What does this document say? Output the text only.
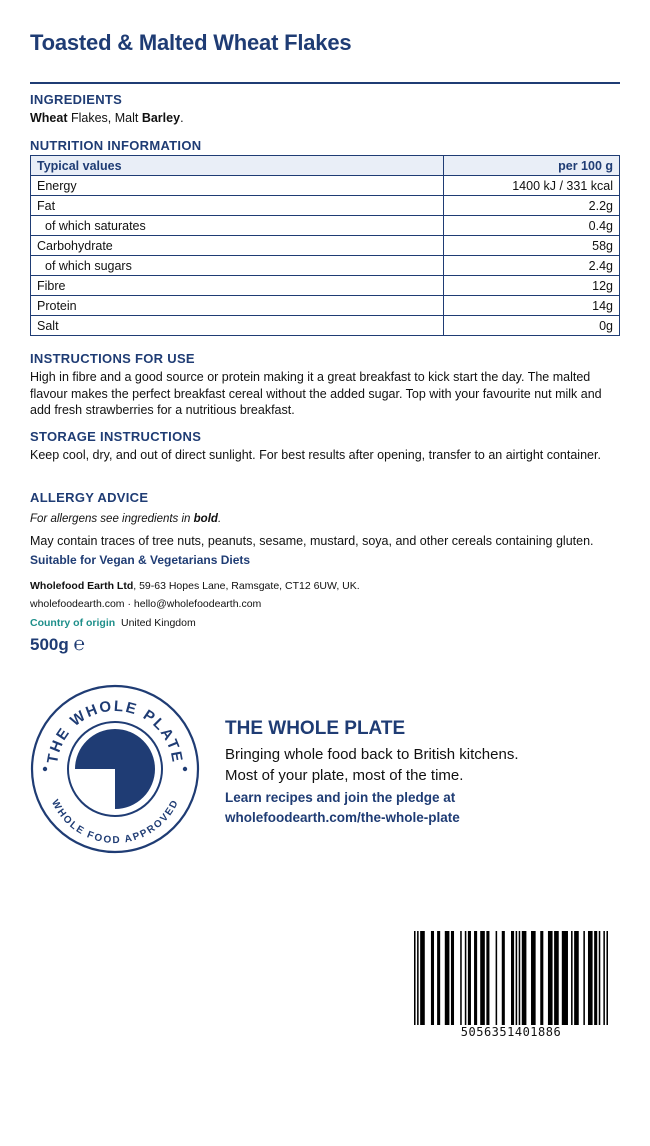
Toasted & Malted Wheat Flakes
INGREDIENTS
Wheat Flakes, Malt Barley.
NUTRITION INFORMATION
Typical values	per 100 g
Energy	1400 kJ / 331 kcal
Fat	2.2g
of which saturates	0.4g
Carbohydrate	58g
of which sugars	2.4g
Fibre	12g
Protein	14g
Salt	0g
INSTRUCTIONS FOR USE
High in fibre and a good source or protein making it a great breakfast to kick start the day. The malted flavour makes the perfect breakfast cereal without the added sugar. Top with your favourite nut milk and add fresh strawberries for a nutritious breakfast.
STORAGE INSTRUCTIONS
Keep cool, dry, and out of direct sunlight. For best results after opening, transfer to an airtight container.
ALLERGY ADVICE
For allergens see ingredients in bold.
May contain traces of tree nuts, peanuts, sesame, mustard, soya, and other cereals containing gluten.
Suitable for Vegan & Vegetarians Diets
Wholefood Earth Ltd, 59-63 Hopes Lane, Ramsgate, CT12 6UW, UK.
wholefoodearth.com · hello@wholefoodearth.com
Country of origin United Kingdom
500g ℮
THE WHOLE PLATE
WHOLE FOOD APPROVED
THE WHOLE PLATE
Bringing whole food back to British kitchens.
Most of your plate, most of the time.
Learn recipes and join the pledge at
wholefoodearth.com/the-whole-plate
5056351401886
